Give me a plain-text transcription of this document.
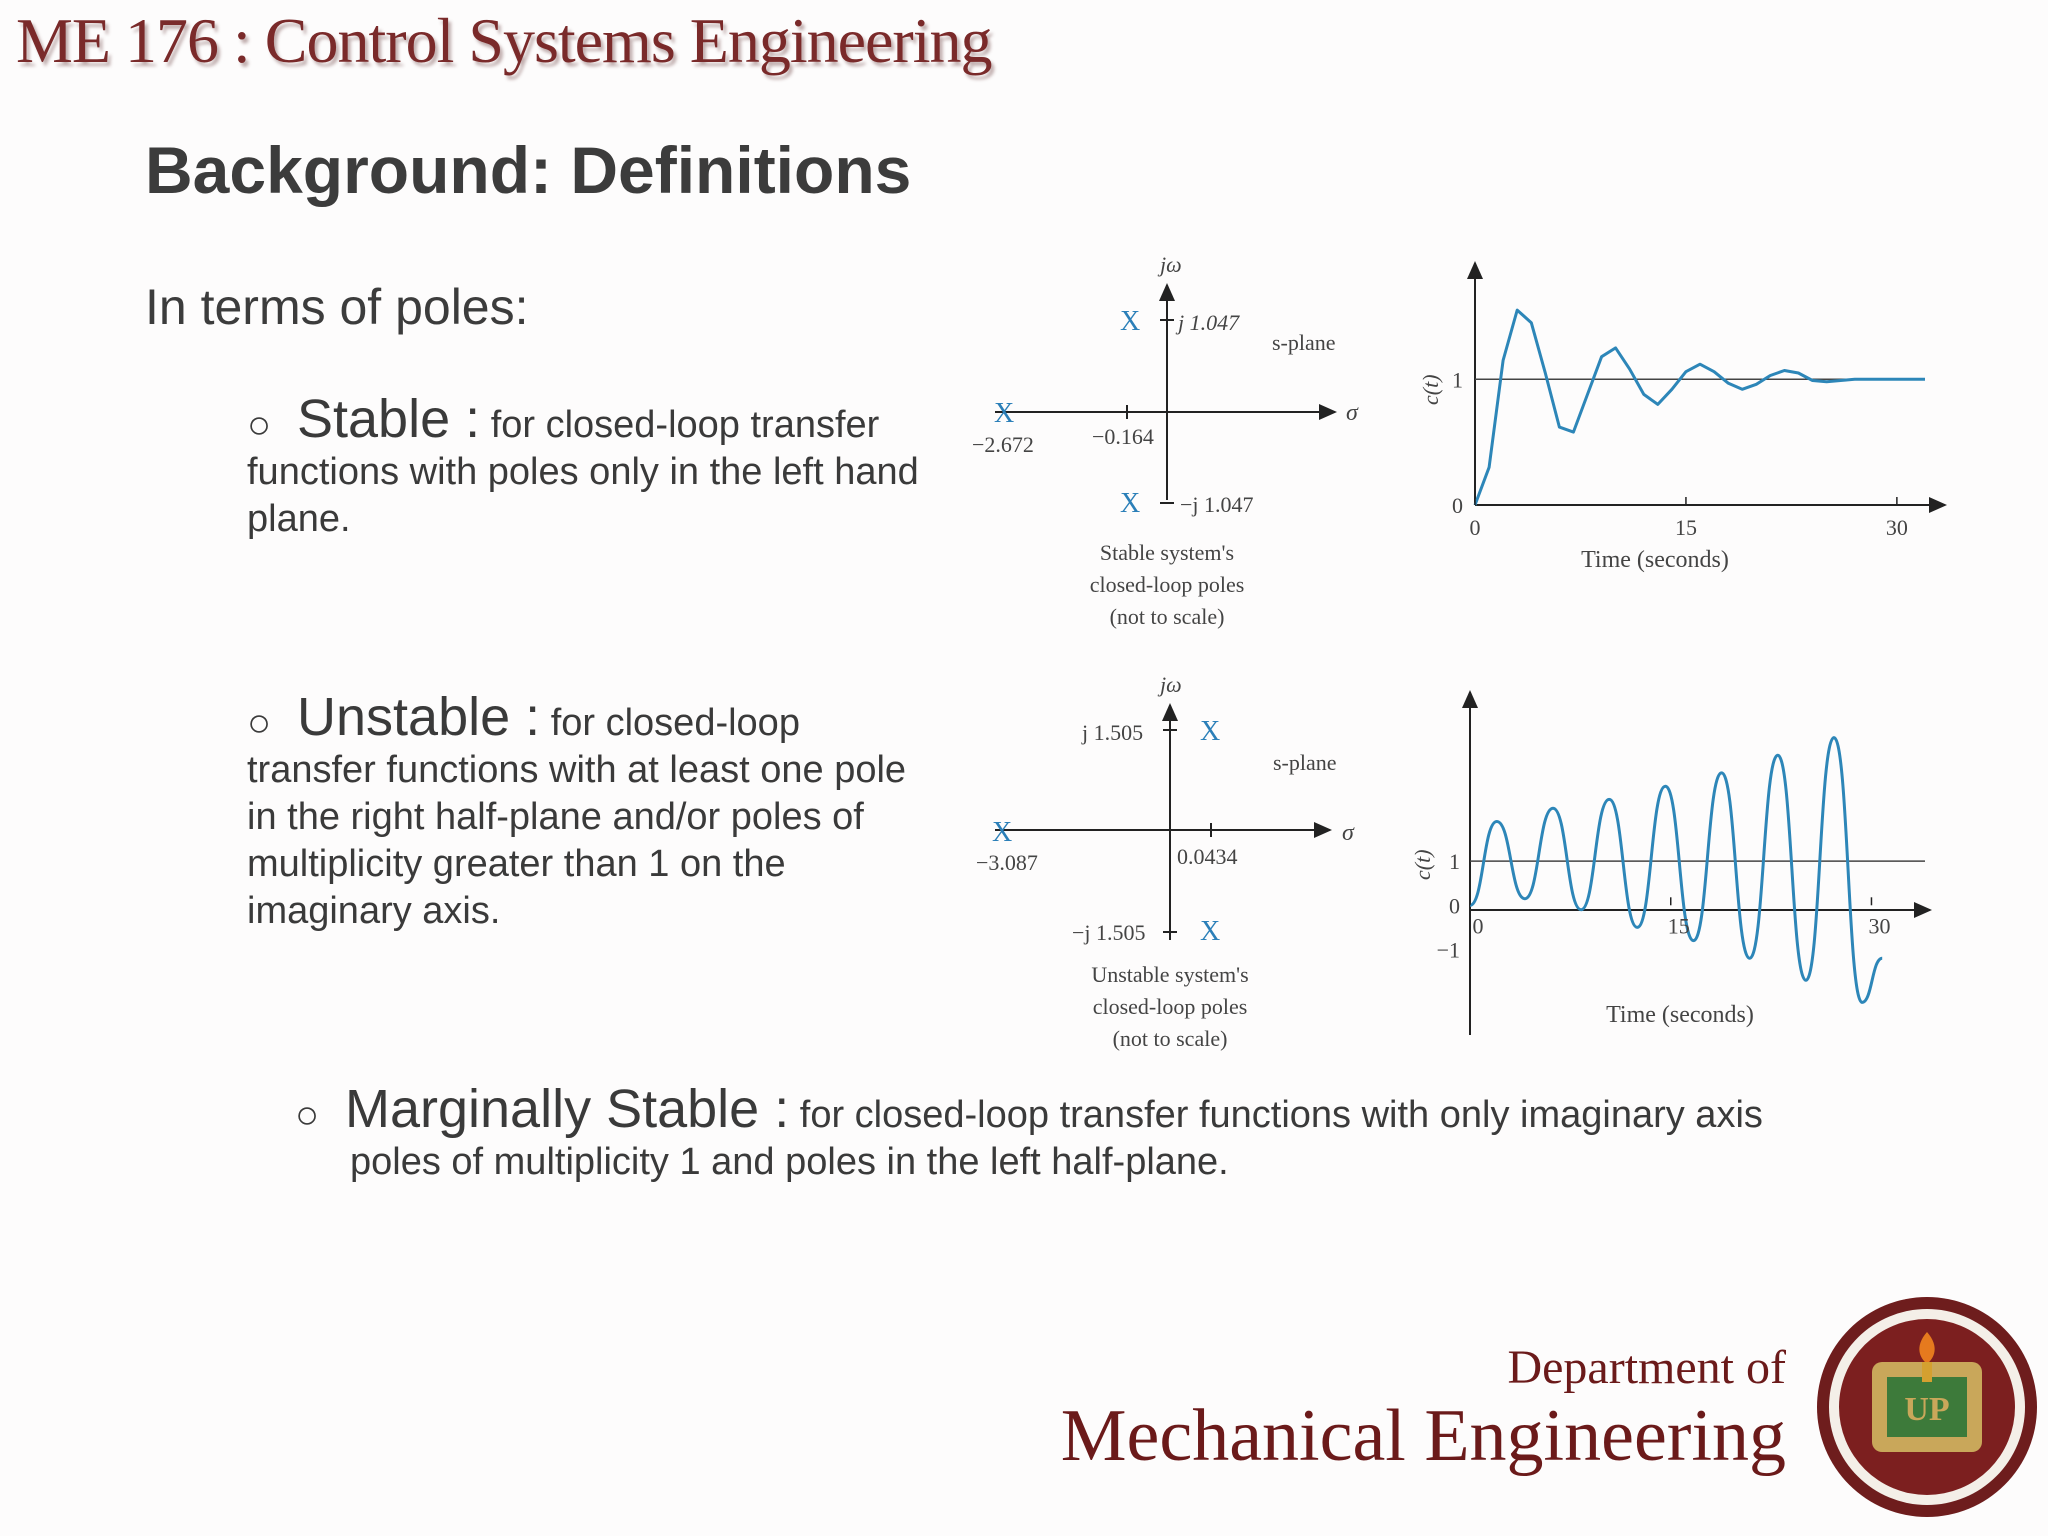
ME 176 : Control Systems Engineering
Background: Definitions
In terms of poles:
○ Stable : for closed-loop transfer functions with poles only in the left hand plane.
○ Unstable : for closed-loop transfer functions with at least one pole in the right half-plane and/or poles of multiplicity greater than 1 on the imaginary axis.
○ Marginally Stable : for closed-loop transfer functions with only imaginary axis
poles of multiplicity 1 and poles in the left half-plane.
jω
σ
s-plane
X j 1.047
X −j 1.047
X
−2.672	−0.164
Stable system's
closed-loop poles
(not to scale)
jω
σ
s-plane
X
j 1.505
X
−j 1.505
X
−3.087	0.0434
Unstable system's
closed-loop poles
(not to scale)
0	15	30
0
1
Time (seconds)
c(t)
0	15	30
−1
0
1
Time (seconds)
c(t)
Department of
Mechanical Engineering	UP
